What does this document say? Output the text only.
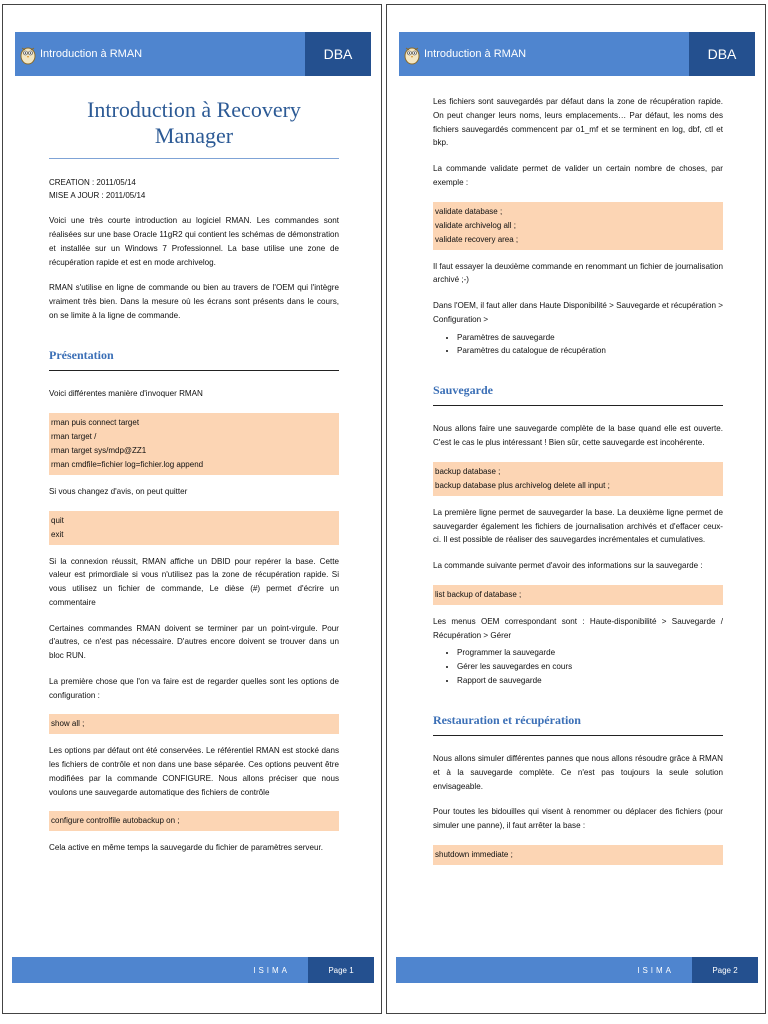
Introduction à RMAN	DBA
Introduction à Recovery Manager
CREATION : 2011/05/14
MISE A JOUR : 2011/05/14

Voici une très courte introduction au logiciel RMAN. Les commandes sont réalisées sur une base Oracle 11gR2 qui contient les schémas de démonstration et installée sur un Windows 7 Professionnel. La base utilise une zone de récupération rapide et est en mode archivelog.

RMAN s'utilise en ligne de commande ou bien au travers de l'OEM qui l'intègre vraiment très bien. Dans la mesure où les écrans sont présents dans le cours, on se limite à la ligne de commande.

Présentation

Voici différentes manière d'invoquer RMAN

rman puis connect target
rman target /
rman target sys/mdp@ZZ1
rman cmdfile=fichier log=fichier.log append

Si vous changez d'avis, on peut quitter

quit
exit

Si la connexion réussit, RMAN affiche un DBID pour repérer la base. Cette valeur est primordiale si vous n'utilisez pas la zone de récupération rapide. Si vous utilisez un fichier de commande, Le dièse (#) permet d'écrire un commentaire

Certaines commandes RMAN doivent se terminer par un point-virgule. Pour d'autres, ce n'est pas nécessaire. D'autres encore doivent se trouver dans un bloc RUN.

La première chose que l'on va faire est de regarder quelles sont les options de configuration :

show all ;

Les options par défaut ont été conservées. Le référentiel RMAN est stocké dans les fichiers de contrôle et non dans une base séparée. Ces options peuvent être modifiées par la commande CONFIGURE. Nous allons préciser que nous voulons une sauvegarde automatique des fichiers de contrôle

configure controlfile autobackup on ;

Cela active en même temps la sauvegarde du fichier de paramètres serveur.

ISIMA	Page 1
Introduction à RMAN	DBA

Les fichiers sont sauvegardés par défaut dans la zone de récupération rapide. On peut changer leurs noms, leurs emplacements… Par défaut, les noms des fichiers sauvegardés commencent par o1_mf et se terminent en log, dbf, ctl et bkp.

La commande validate permet de valider un certain nombre de choses, par exemple :

validate database ;
validate archivelog all ;
validate recovery area ;

Il faut essayer la deuxième commande en renommant un fichier de journalisation archivé ;-)

Dans l'OEM, il faut aller dans Haute Disponibilité > Sauvegarde et récupération > Configuration >

• Paramètres de sauvegarde
• Paramètres du catalogue de récupération
Sauvegarde

Nous allons faire une sauvegarde complète de la base quand elle est ouverte. C'est le cas le plus intéressant ! Bien sûr, cette sauvegarde est incohérente.

backup database ;
backup database plus archivelog delete all input ;

La première ligne permet de sauvegarder la base. La deuxième ligne permet de sauvegarder également les fichiers de journalisation archivés et d'effacer ceux-ci. Il est possible de réaliser des sauvegardes incrémentales et cumulatives.

La commande suivante permet d'avoir des informations sur la sauvegarde :

list backup of database ;

Les menus OEM correspondant sont : Haute-disponibilité > Sauvegarde / Récupération > Gérer

• Programmer la sauvegarde
• Gérer les sauvegardes en cours
• Rapport de sauvegarde
Restauration et récupération

Nous allons simuler différentes pannes que nous allons résoudre grâce à RMAN et à la sauvegarde complète. Ce n'est pas toujours la seule solution envisageable.

Pour toutes les bidouilles qui visent à renommer ou déplacer des fichiers (pour simuler une panne), il faut arrêter la base :

shutdown immediate ;
ISIMA	Page 2
